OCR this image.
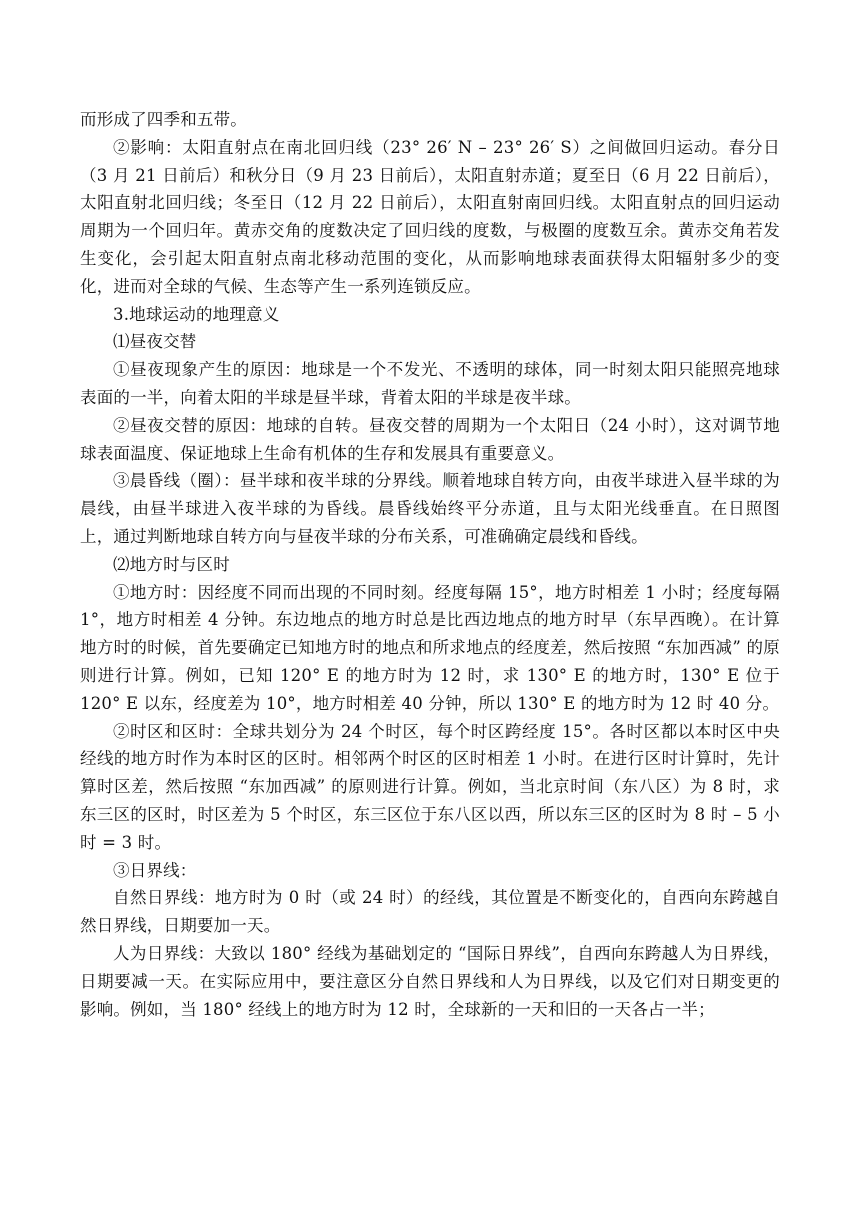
而形成了四季和五带。

②影响：太阳直射点在南北回归线（23° 26′ N – 23° 26′ S）之间做回归运动。春分日（3 月 21 日前后）和秋分日（9 月 23 日前后），太阳直射赤道；夏至日（6 月 22 日前后），太阳直射北回归线；冬至日（12 月 22 日前后），太阳直射南回归线。太阳直射点的回归运动周期为一个回归年。黄赤交角的度数决定了回归线的度数，与极圈的度数互余。黄赤交角若发生变化，会引起太阳直射点南北移动范围的变化，从而影响地球表面获得太阳辐射多少的变化，进而对全球的气候、生态等产生一系列连锁反应。

3.地球运动的地理意义

⑴昼夜交替

①昼夜现象产生的原因：地球是一个不发光、不透明的球体，同一时刻太阳只能照亮地球表面的一半，向着太阳的半球是昼半球，背着太阳的半球是夜半球。

②昼夜交替的原因：地球的自转。昼夜交替的周期为一个太阳日（24 小时），这对调节地球表面温度、保证地球上生命有机体的生存和发展具有重要意义。

③晨昏线（圈）：昼半球和夜半球的分界线。顺着地球自转方向，由夜半球进入昼半球的为晨线，由昼半球进入夜半球的为昏线。晨昏线始终平分赤道，且与太阳光线垂直。在日照图上，通过判断地球自转方向与昼夜半球的分布关系，可准确确定晨线和昏线。

⑵地方时与区时

①地方时：因经度不同而出现的不同时刻。经度每隔 15°，地方时相差 1 小时；经度每隔 1°，地方时相差 4 分钟。东边地点的地方时总是比西边地点的地方时早（东早西晚）。在计算地方时的时候，首先要确定已知地方时的地点和所求地点的经度差，然后按照 “东加西减” 的原则进行计算。例如，已知 120° E 的地方时为 12 时，求 130° E 的地方时，130° E 位于 120° E 以东，经度差为 10°，地方时相差 40 分钟，所以 130° E 的地方时为 12 时 40 分。

②时区和区时：全球共划分为 24 个时区，每个时区跨经度 15°。各时区都以本时区中央经线的地方时作为本时区的区时。相邻两个时区的区时相差 1 小时。在进行区时计算时，先计算时区差，然后按照 “东加西减” 的原则进行计算。例如，当北京时间（东八区）为 8 时，求东三区的区时，时区差为 5 个时区，东三区位于东八区以西，所以东三区的区时为 8 时 – 5 小时 = 3 时。

③日界线：

自然日界线：地方时为 0 时（或 24 时）的经线，其位置是不断变化的，自西向东跨越自然日界线，日期要加一天。

人为日界线：大致以 180° 经线为基础划定的 “国际日界线”，自西向东跨越人为日界线，日期要减一天。在实际应用中，要注意区分自然日界线和人为日界线，以及它们对日期变更的影响。例如，当 180° 经线上的地方时为 12 时，全球新的一天和旧的一天各占一半；
